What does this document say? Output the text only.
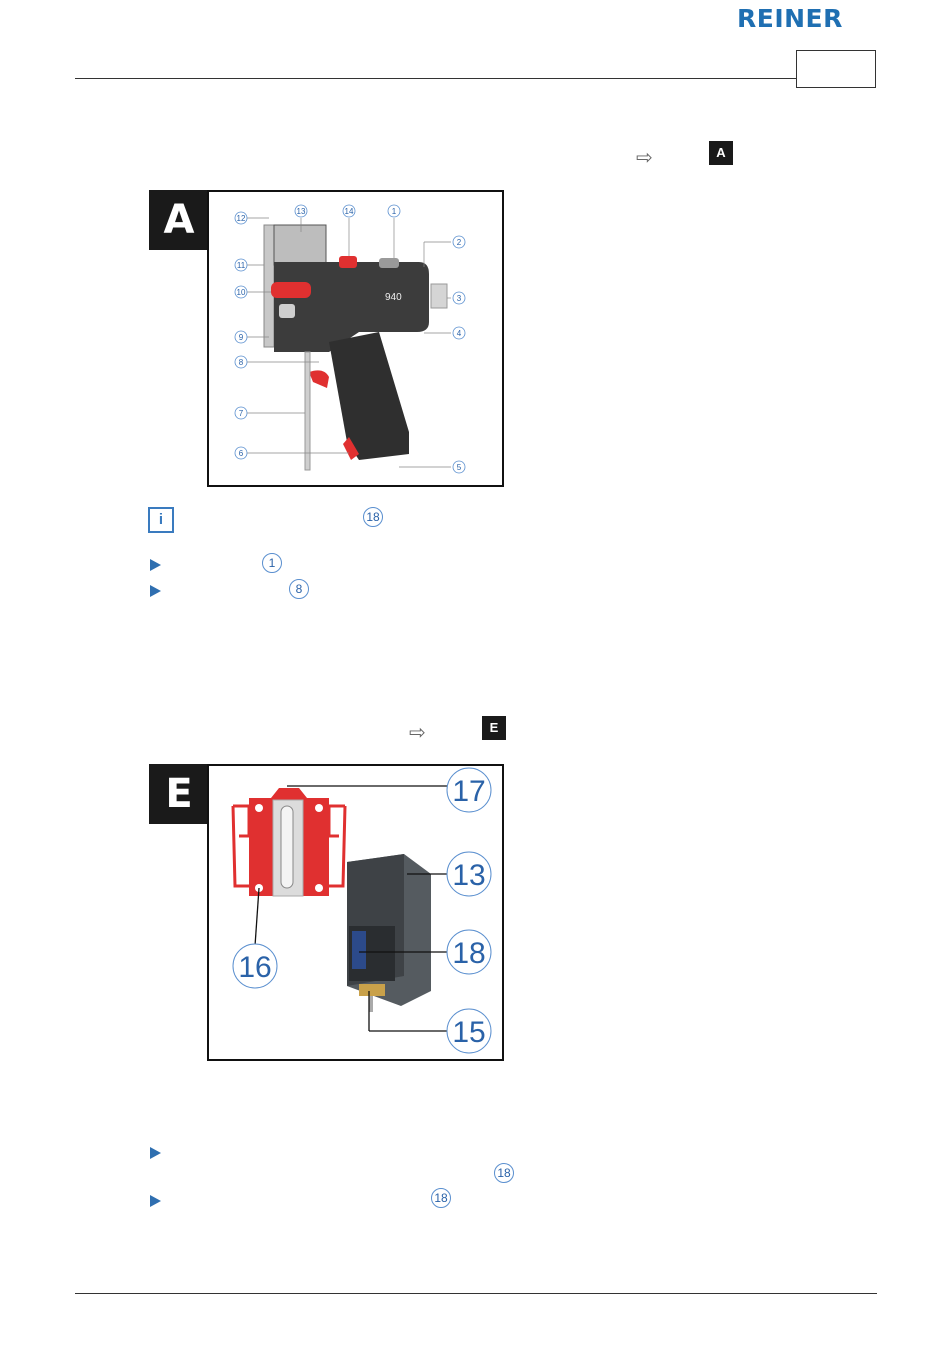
REINER
⇨	A
A
940
1
2
3
4
5
6
7
8
9
10
11
12
13	14
i	18
1
8
⇨	E
E	17
13
18
15
16
18
18
